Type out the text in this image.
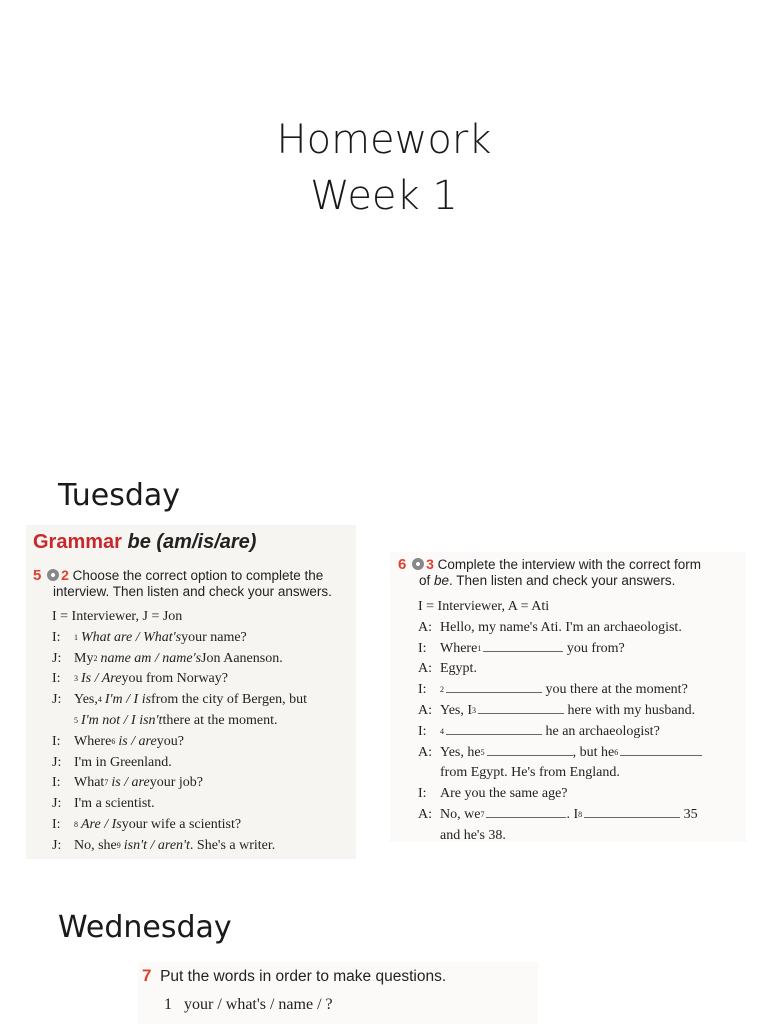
Homework
Week 1
Tuesday
Wednesday
Grammar be (am/is/are)
5 2 Choose the correct option to complete the
interview. Then listen and check your answers.
I = Interviewer, J = Jon
I:	1 What are / What's your name?
J: My 2 name am / name's Jon Aanenson.
I:	3 Is / Are you from Norway?
J: Yes, 4 I'm / I is from the city of Bergen, but
5 I'm not / I isn't there at the moment.
I: Where 6 is / are you?
J: I'm in Greenland.
I: What 7 is / are your job?
J: I'm a scientist.
I:	8 Are / Is your wife a scientist?
J: No, she 9 isn't / aren't . She's a writer.
6 3 Complete the interview with the correct form
of be. Then listen and check your answers.
I = Interviewer, A = Ati
A: Hello, my name's Ati. I'm an archaeologist.
I: Where 1
	you from?
A: Egypt.
I:	2
	you there at the moment?
A: Yes, I 3
	here with my husband.
I:	4
	he an archaeologist?
A: Yes, he 5	, but he 6
from Egypt. He's from England.
I: Are you the same age?
A: No, we 7	. I 8
	35
and he's 38.
7 Put the words in order to make questions.
1 your / what's / name / ?
